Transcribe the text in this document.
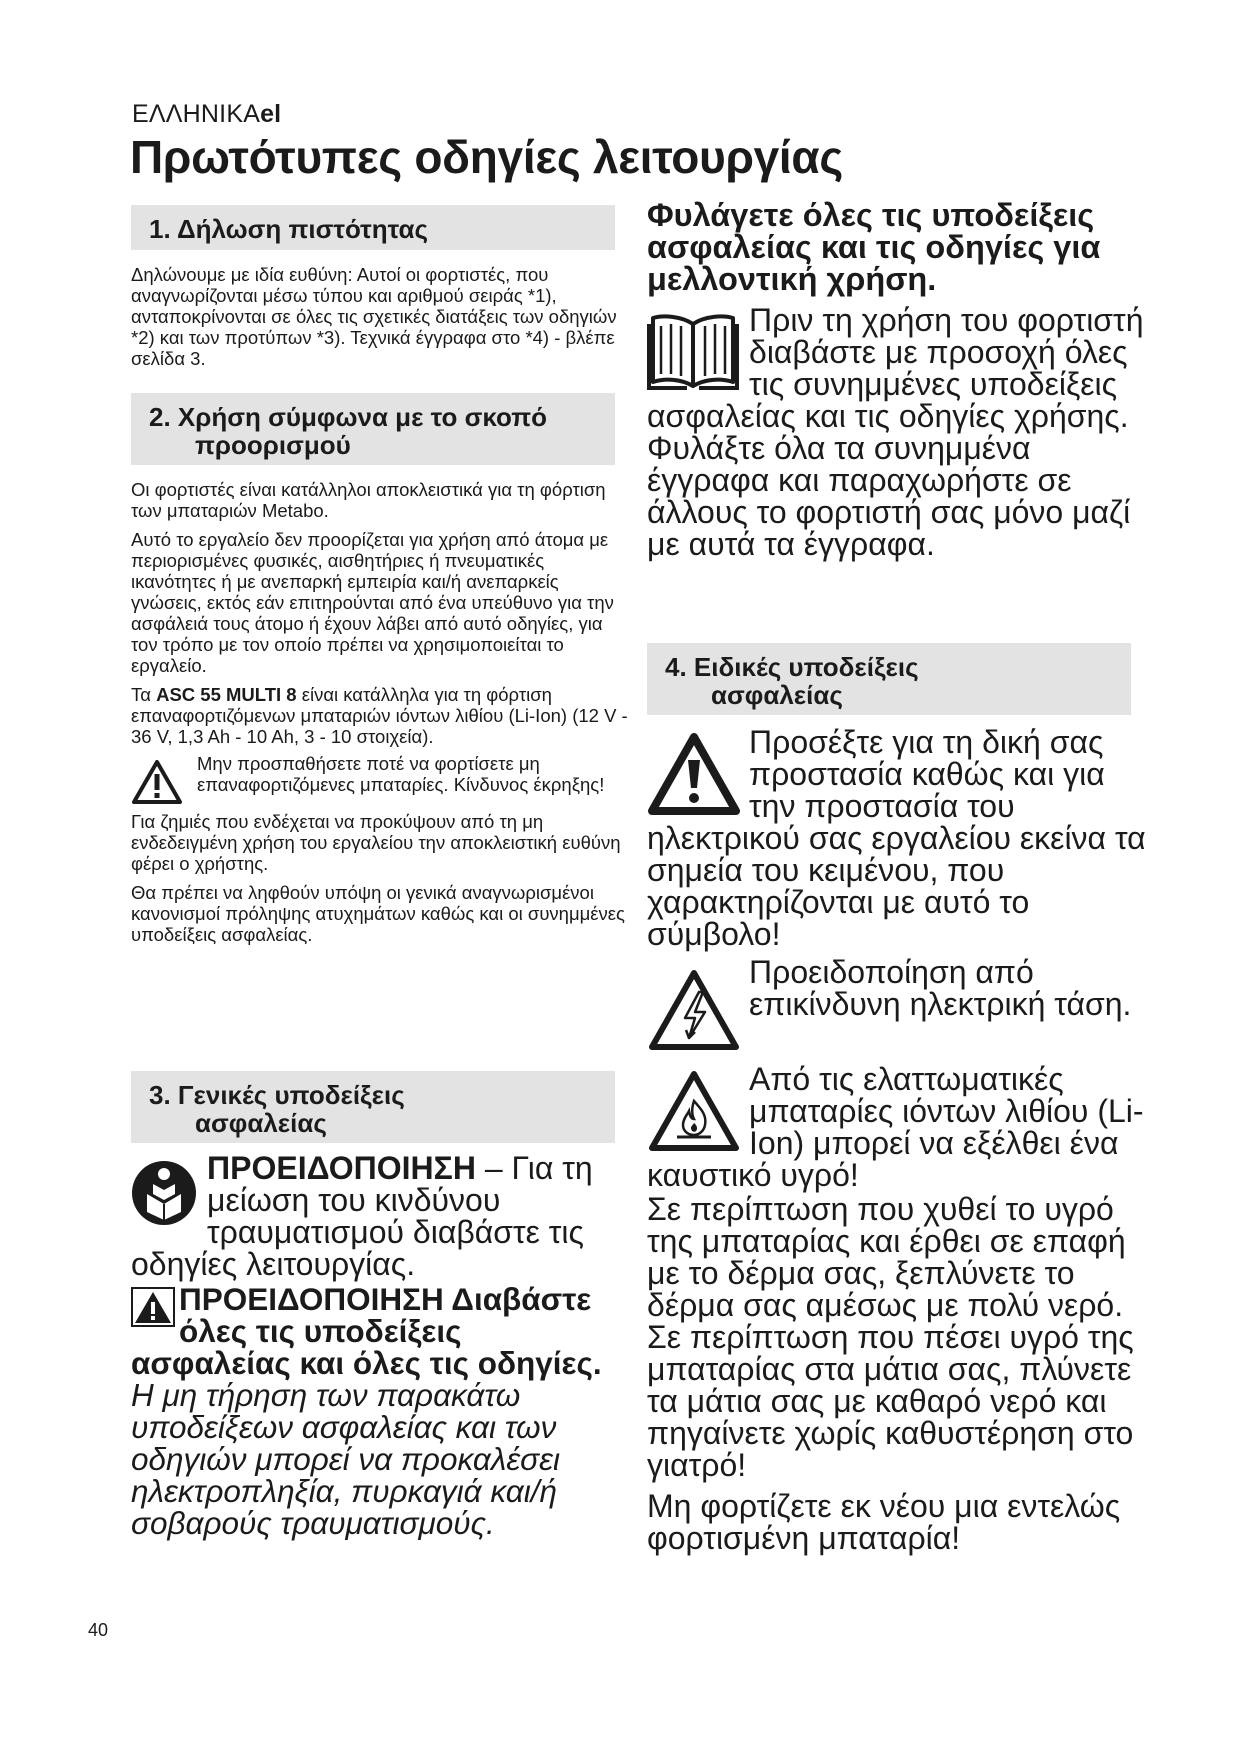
ΕΛΛΗΝΙΚΑel
Πρωτότυπες οδηγίες λειτουργίας
1. Δήλωση πιστότητας

Δηλώνουμε με ιδία ευθύνη: Αυτοί οι φορτιστές, που αναγνωρίζονται μέσω τύπου και αριθμού σειράς *1), ανταποκρίνονται σε όλες τις σχετικές διατάξεις των οδηγιών *2) και των προτύπων *3). Τεχνικά έγγραφα στο *4) - βλέπε σελίδα 3.

2. Χρήση σύμφωνα με το σκοπό
προορισμού

Οι φορτιστές είναι κατάλληλοι αποκλειστικά για τη φόρτιση των μπαταριών Metabo.

Αυτό το εργαλείο δεν προορίζεται για χρήση από άτομα με περιορισμένες φυσικές, αισθητήριες ή πνευματικές ικανότητες ή με ανεπαρκή εμπειρία και/ή ανεπαρκείς γνώσεις, εκτός εάν επιτηρούνται από ένα υπεύθυνο για την ασφάλειά τους άτομο ή έχουν λάβει από αυτό οδηγίες, για τον τρόπο με τον οποίο πρέπει να χρησιμοποιείται το εργαλείο.

Τα ASC 55 MULTI 8 είναι κατάλληλα για τη φόρτιση επαναφορτιζόμενων μπαταριών ιόντων λιθίου (Li-Ion) (12 V - 36 V, 1,3 Ah - 10 Ah, 3 - 10 στοιχεία).

Μην προσπαθήσετε ποτέ να φορτίσετε μη επαναφορτιζόμενες μπαταρίες. Κίνδυνος έκρηξης!

Για ζημιές που ενδέχεται να προκύψουν από τη μη ενδεδειγμένη χρήση του εργαλείου την αποκλειστική ευθύνη φέρει ο χρήστης.

Θα πρέπει να ληφθούν υπόψη οι γενικά αναγνωρισμένοι κανονισμοί πρόληψης ατυχημάτων καθώς και οι συνημμένες υποδείξεις ασφαλείας.

3. Γενικές υποδείξεις
ασφαλείας
ΠΡΟΕΙΔΟΠΟΙΗΣΗ – Για τη μείωση του κινδύνου τραυματισμού διαβάστε τις οδηγίες λειτουργίας.
ΠΡΟΕΙΔΟΠΟΙΗΣΗ Διαβάστε όλες τις υποδείξεις ασφαλείας και όλες τις οδηγίες. Η μη τήρηση των παρακάτω υποδείξεων ασφαλείας και των οδηγιών μπορεί να προκαλέσει ηλεκτροπληξία, πυρκαγιά και/ή σοβαρούς τραυματισμούς.
Φυλάγετε όλες τις υποδείξεις ασφαλείας και τις οδηγίες για μελλοντική χρήση.
Πριν τη χρήση του φορτιστή διαβάστε με προσοχή όλες τις συνημμένες υποδείξεις ασφαλείας και τις οδηγίες χρήσης. Φυλάξτε όλα τα συνημμένα έγγραφα και παραχωρήστε σε άλλους το φορτιστή σας μόνο μαζί με αυτά τα έγγραφα.
4. Ειδικές υποδείξεις
ασφαλείας
Προσέξτε για τη δική σας προστασία καθώς και για την προστασία του ηλεκτρικού σας εργαλείου εκείνα τα σημεία του κειμένου, που χαρακτηρίζονται με αυτό το σύμβολο!
Προειδοποίηση από επικίνδυνη ηλεκτρική τάση.
Από τις ελαττωματικές μπαταρίες ιόντων λιθίου (Li-Ion) μπορεί να εξέλθει ένα καυστικό υγρό!
Σε περίπτωση που χυθεί το υγρό της μπαταρίας και έρθει σε επαφή με το δέρμα σας, ξεπλύνετε το δέρμα σας αμέσως με πολύ νερό. Σε περίπτωση που πέσει υγρό της μπαταρίας στα μάτια σας, πλύνετε τα μάτια σας με καθαρό νερό και πηγαίνετε χωρίς καθυστέρηση στο γιατρό!
Μη φορτίζετε εκ νέου μια εντελώς φορτισμένη μπαταρία!
40
